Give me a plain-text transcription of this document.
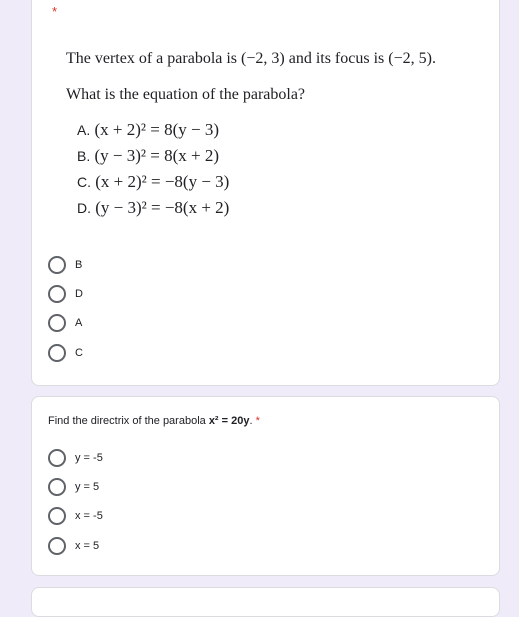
*
The vertex of a parabola is (−2, 3) and its focus is (−2, 5).
What is the equation of the parabola?
A. (x + 2)² = 8(y − 3)
B. (y − 3)² = 8(x + 2)
C. (x + 2)² = −8(y − 3)
D. (y − 3)² = −8(x + 2)
B
D
A
C
Find the directrix of the parabola x² = 20y. *
y = -5
y = 5
x = -5
x = 5
